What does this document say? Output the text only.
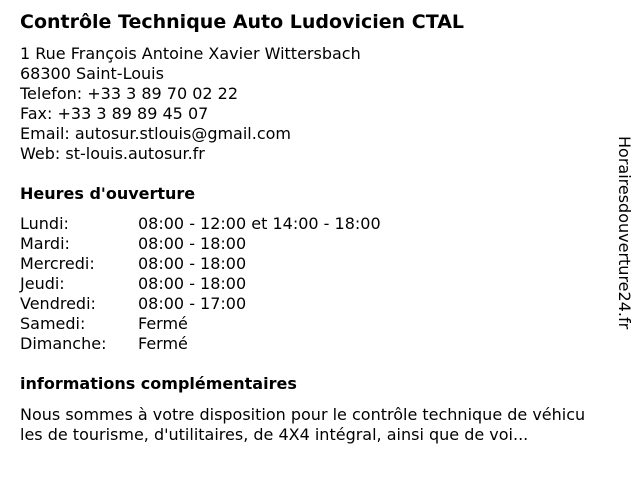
Contrôle Technique Auto Ludovicien CTAL
1 Rue François Antoine Xavier Wittersbach
68300 Saint-Louis
Telefon: +33 3 89 70 02 22
Fax: +33 3 89 89 45 07
Email: autosur.stlouis@gmail.com
Web: st-louis.autosur.fr
Heures d'ouverture
Lundi:	08:00 - 12:00 et 14:00 - 18:00
Mardi:	08:00 - 18:00
Mercredi:	08:00 - 18:00
Jeudi:	08:00 - 18:00
Vendredi:	08:00 - 17:00
Samedi:	Fermé
Dimanche: Fermé
informations complémentaires
Nous sommes à votre disposition pour le contrôle technique de véhicu
les de tourisme, d'utilitaires, de 4X4 intégral, ainsi que de voi...
Horairesdouverture24.fr
